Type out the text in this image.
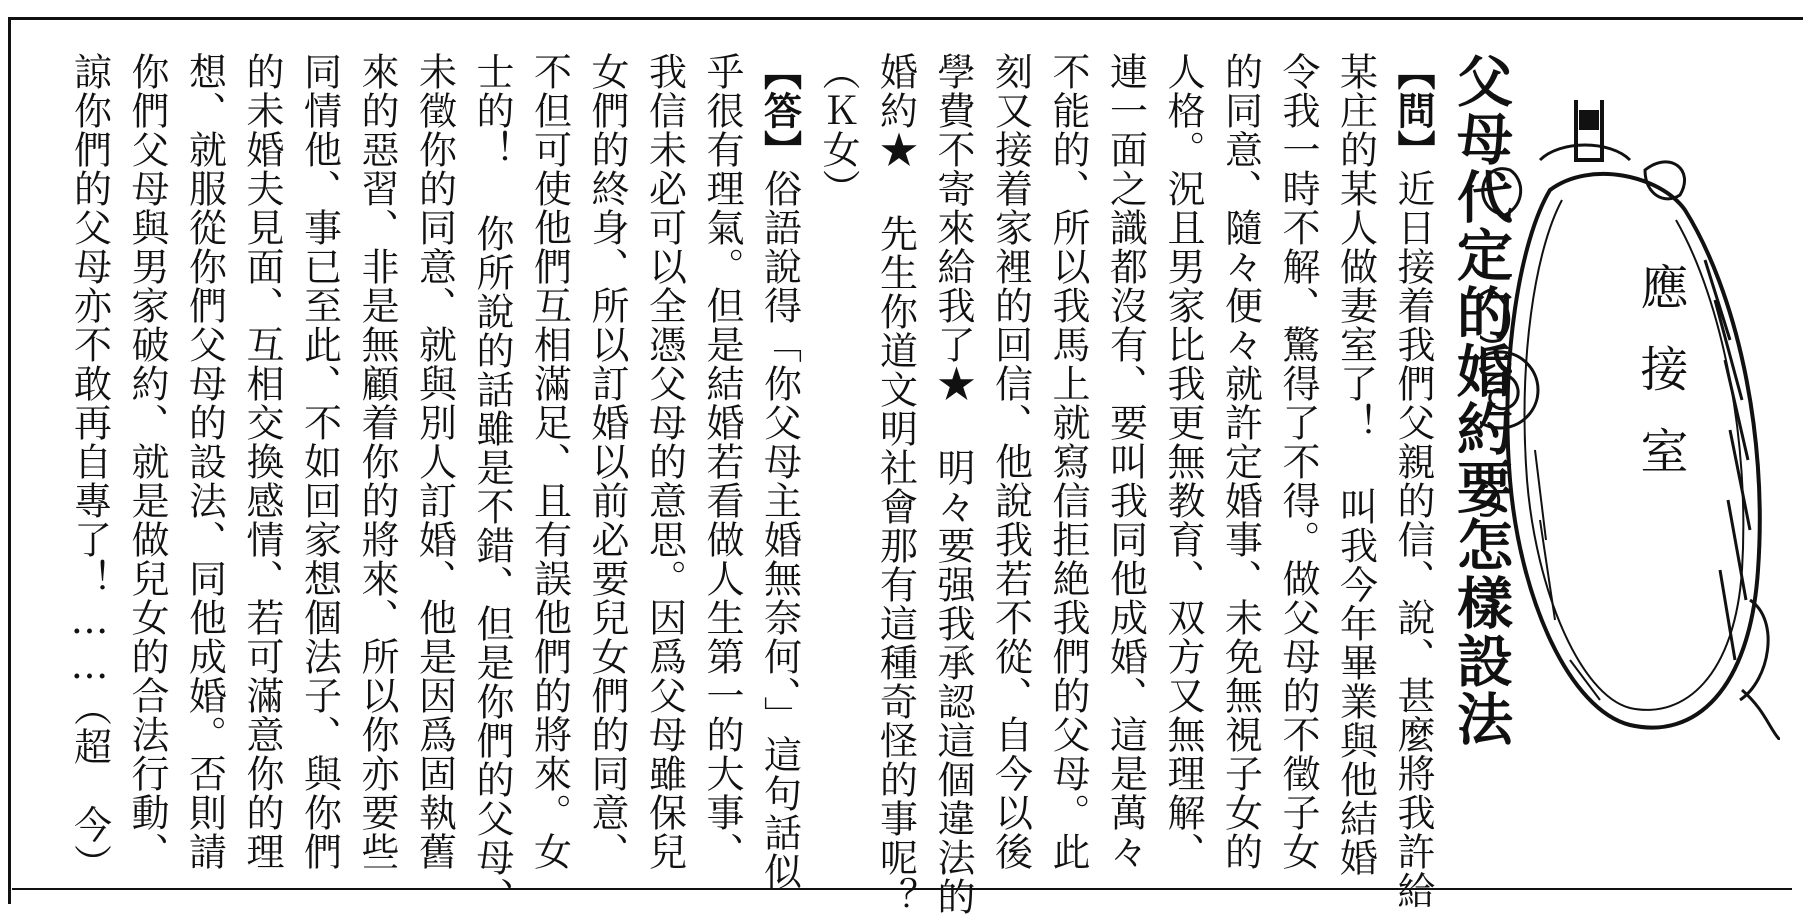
應接室
父母代定的婚約要怎樣設法
【問】近日接着我們父親的信、說、甚麼將我許給
某庄的某人做妻室了！ 叫我今年畢業與他結婚
令我一時不解、驚得了不得。做父母的不徵子女
的同意、隨々便々就許定婚事、未免無視子女的
人格。況且男家比我更無教育、双方又無理解、
連一面之識都沒有、要叫我同他成婚、這是萬々
不能的、所以我馬上就寫信拒絶我們的父母。此
刻又接着家裡的回信、他說我若不從、自今以後
學費不寄來給我了★ 明々要强我承認這個違法的
婚約★ 先生你道文明社會那有這種奇怪的事呢？
（Ｋ女）
【答】俗語說得「你父母主婚無奈何、」這句話似
乎很有理氣。但是結婚若看做人生第一的大事、
我信未必可以全憑父母的意思。因爲父母雖保兒
女們的終身、所以訂婚以前必要兒女們的同意、
不但可使他們互相滿足、且有誤他們的將來。女
士的！ 你所說的話雖是不錯、但是你們的父母、
未徵你的同意、就與別人訂婚、他是因爲固執舊
來的惡習、非是無顧着你的將來、所以你亦要些
同情他、事已至此、不如回家想個法子、與你們
的未婚夫見面、互相交換感情、若可滿意你的理
想、就服從你們父母的設法、同他成婚。否則請
你們父母與男家破約、就是做兒女的合法行動、
諒你們的父母亦不敢再自專了！……（超　今）
